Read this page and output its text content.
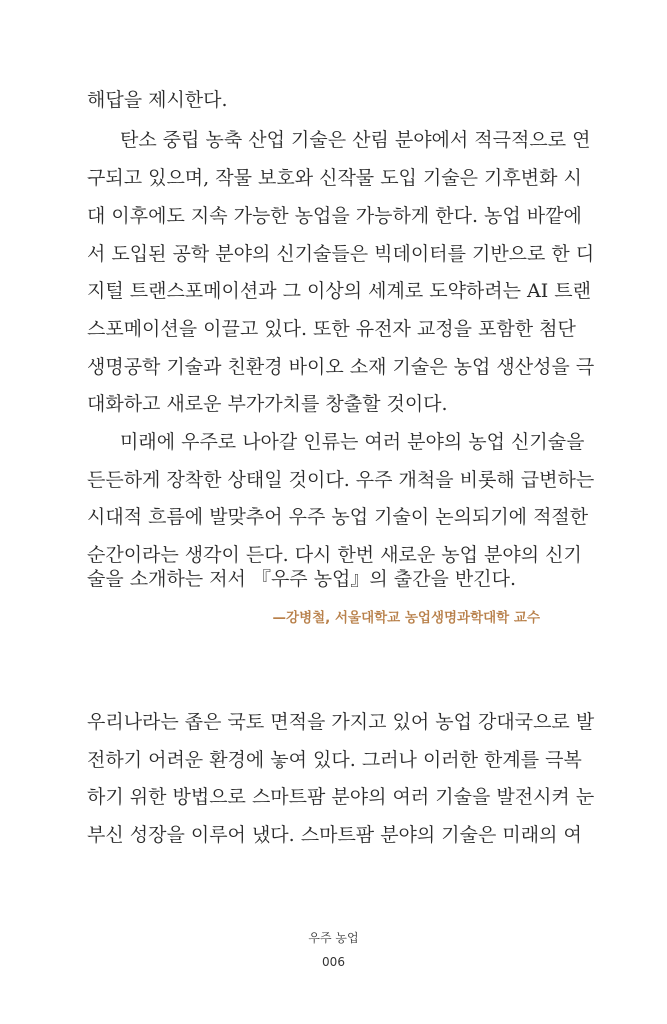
해답을 제시한다.
탄소 중립 농축 산업 기술은 산림 분야에서 적극적으로 연
구되고 있으며, 작물 보호와 신작물 도입 기술은 기후변화 시
대 이후에도 지속 가능한 농업을 가능하게 한다. 농업 바깥에
서 도입된 공학 분야의 신기술들은 빅데이터를 기반으로 한 디
지털 트랜스포메이션과 그 이상의 세계로 도약하려는 AI 트랜
스포메이션을 이끌고 있다. 또한 유전자 교정을 포함한 첨단
생명공학 기술과 친환경 바이오 소재 기술은 농업 생산성을 극
대화하고 새로운 부가가치를 창출할 것이다.
미래에 우주로 나아갈 인류는 여러 분야의 농업 신기술을
든든하게 장착한 상태일 것이다. 우주 개척을 비롯해 급변하는
시대적 흐름에 발맞추어 우주 농업 기술이 논의되기에 적절한
순간이라는 생각이 든다. 다시 한번 새로운 농업 분야의 신기
술을 소개하는 저서 『우주 농업』의 출간을 반긴다.
—강병철, 서울대학교 농업생명과학대학 교수
우리나라는 좁은 국토 면적을 가지고 있어 농업 강대국으로 발
전하기 어려운 환경에 놓여 있다. 그러나 이러한 한계를 극복
하기 위한 방법으로 스마트팜 분야의 여러 기술을 발전시켜 눈
부신 성장을 이루어 냈다. 스마트팜 분야의 기술은 미래의 여
우주 농업
006
